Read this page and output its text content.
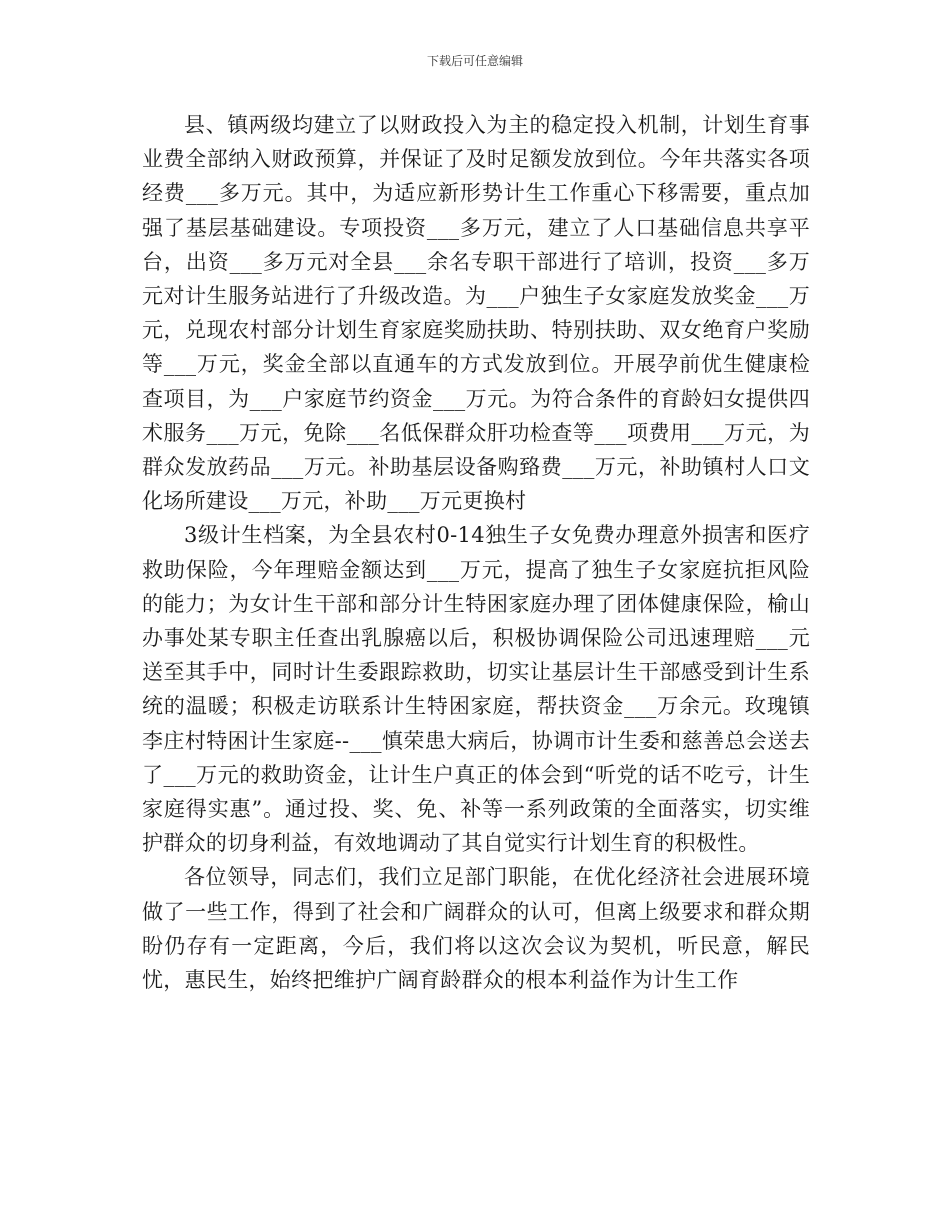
下载后可任意编辑

县、镇两级均建立了以财政投入为主的稳定投入机制，计划生育事业费全部纳入财政预算，并保证了及时足额发放到位。今年共落实各项经费___多万元。其中，为适应新形势计生工作重心下移需要，重点加强了基层基础建设。专项投资___多万元，建立了人口基础信息共享平台，出资___多万元对全县___余名专职干部进行了培训，投资___多万元对计生服务站进行了升级改造。为___户独生子女家庭发放奖金___万元，兑现农村部分计划生育家庭奖励扶助、特别扶助、双女绝育户奖励等___万元，奖金全部以直通车的方式发放到位。开展孕前优生健康检查项目，为___户家庭节约资金___万元。为符合条件的育龄妇女提供四术服务___万元，免除___名低保群众肝功检查等___项费用___万元，为群众发放药品___万元。补助基层设备购臵费___万元，补助镇村人口文化场所建设___万元，补助___万元更换村

3级计生档案，为全县农村0-14独生子女免费办理意外损害和医疗救助保险，今年理赔金额达到___万元，提高了独生子女家庭抗拒风险的能力；为女计生干部和部分计生特困家庭办理了团体健康保险，榆山办事处某专职主任查出乳腺癌以后，积极协调保险公司迅速理赔___元送至其手中，同时计生委跟踪救助，切实让基层计生干部感受到计生系统的温暖；积极走访联系计生特困家庭，帮扶资金___万余元。玫瑰镇李庄村特困计生家庭--___慎荣患大病后，协调市计生委和慈善总会送去了___万元的救助资金，让计生户真正的体会到“听党的话不吃亏，计生家庭得实惠”。通过投、奖、免、补等一系列政策的全面落实，切实维护群众的切身利益，有效地调动了其自觉实行计划生育的积极性。

各位领导，同志们，我们立足部门职能，在优化经济社会进展环境做了一些工作，得到了社会和广阔群众的认可，但离上级要求和群众期盼仍存有一定距离，今后，我们将以这次会议为契机，听民意，解民忧，惠民生，始终把维护广阔育龄群众的根本利益作为计生工作
